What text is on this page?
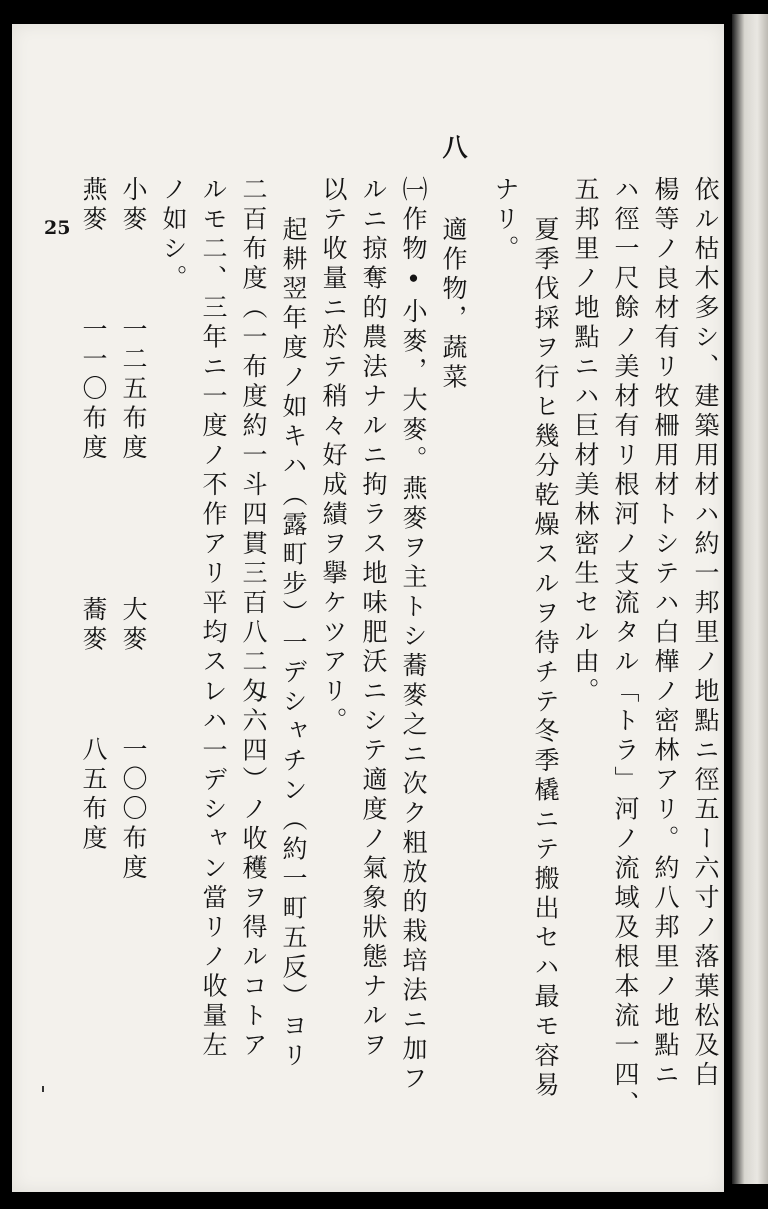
25	依ル枯木多シ、建築用材ハ約一邦里ノ地點ニ徑五ー六寸ノ落葉松及白
楊等ノ良材有リ牧柵用材トシテハ白樺ノ密林アリ。約八邦里ノ地點ニ
ハ徑一尺餘ノ美材有リ根河ノ支流タル「トラ」河ノ流域及根本流一四、
五邦里ノ地點ニハ巨材美林密生セル由。
夏季伐採ヲ行ヒ幾分乾燥スルヲ待チテ冬季橇ニテ搬出セハ最モ容易
ナリ。
八
適作物，蔬菜
㈠作物•小麥，大麥。燕麥ヲ主トシ蕎麥之ニ次ク粗放的栽培法ニ加フ
ルニ掠奪的農法ナルニ拘ラス地味肥沃ニシテ適度ノ氣象狀態ナルヲ
以テ收量ニ於テ稍々好成績ヲ擧ケツアリ。
起耕翌年度ノ如キハ（露町步）一デシャチン（約一町五反）ヨリ
二百布度（一布度約一斗四貫三百八二匁六四）ノ收穫ヲ得ルコトア
ルモ二、三年ニ一度ノ不作アリ平均スレハ一デシャン當リノ收量左
ノ如シ。
小麥
一二五布度
大麥
一〇〇布度
燕麥
一一〇布度
蕎麥
八五布度
